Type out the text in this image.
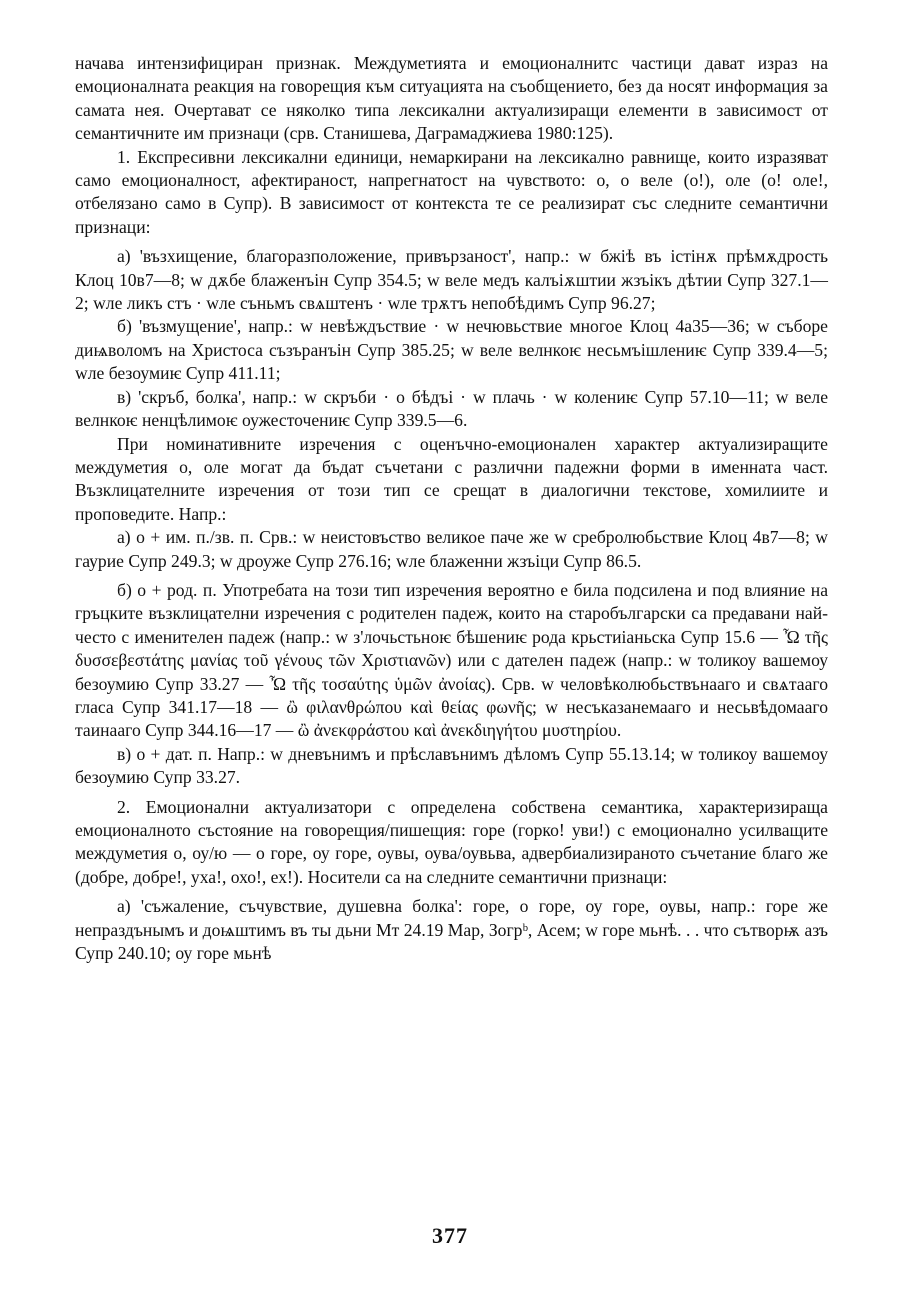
начава интензифициран признак. Междуметията и емоционалнитс частици дават израз на емоционалната реакция на говорещия към ситуацията на съобщението, без да носят информация за самата нея. Очертават се няколко типа лексикални актуализиращи елементи в зависимост от семантичните им признаци (срв. Станишева, Даграмаджиева 1980:125).

1. Експресивни лексикални единици, немаркирани на лексикално равнище, които изразяват само емоционалност, афектираност, напрегнатост на чувството: о, о веле (о!), оле (о! оле!, отбелязано само в Супр). В зависимост от контекста те се реализират със следните семантични признаци:

а) 'възхищение, благоразположение, привързаност', напр.: w бжіѣ въ істінѫ прѣмѫдрость Клоц 10в7—8; w дѫбе блаженъін Супр 354.5; w веле медъ калъіѫштии жзъікъ дѣтии Супр 327.1—2; wле ликъ стъ · wле съньмъ свѧштенъ · wле трѫтъ непобѣдимъ Супр 96.27;

б) 'възмущение', напр.: w невѣждъствие · w нечювьствие многое Клоц 4а35—36; w съборе диѩволомъ на Христоса съзъранъін Супр 385.25; w веле велнкоѥ несьмъішлениѥ Супр 339.4—5; wле безоумиѥ Супр 411.11;

в) 'скръб, болка', напр.: w скръби · о бѣдъі · w плачь · w колениѥ Супр 57.10—11; w веле велнкоѥ ненцѣлимоѥ оужесточениѥ Супр 339.5—6.

При номинативните изречения с оценъчно-емоционален характер актуализиращите междуметия о, оле могат да бъдат съчетани с различни падежни форми в именната част. Възклицателните изречения от този тип се срещат в диалогични текстове, хомилиите и проповедите. Напр.:

а) о + им. п./зв. п. Срв.: w неистовъство великое паче же w сребролюбьствие Клоц 4в7—8; w гаурие Супр 249.3; w дроуже Супр 276.16; wле блаженни жзъіци Супр 86.5.

б) о + род. п. Употребата на този тип изречения вероятно е била подсилена и под влияние на гръцките възклицателни изречения с родителен падеж, които на старобългарски са предавани най-често с именителен падеж (напр.: w з'лочьстьноѥ бѣшениѥ рода крьстиiаньска Супр 15.6 — Ὦ τῆς δυσσεβεστάτης μανίας τοῦ γένους τῶν Χριστιανῶν) или с дателен падеж (напр.: w толикоу вашемоу безоумию Супр 33.27 — Ὦ τῆς τοσαύτης ὑμῶν ἀνοίας). Срв. w человѣколюбьствънааго и свѧтааго гласа Супр 341.17—18 — ὢ φιλανθρώπου καὶ θείας φωνῆς; w несъказанемааго и несьвѣдомааго таинааго Супр 344.16—17 — ὢ ἀνεκφράστου καὶ ἀνεκδιηγήτου μυστηρίου.

в) о + дат. п. Напр.: w дневънимъ и прѣславънимъ дѣломъ Супр 55.13.14; w толикоу вашемоу безоумию Супр 33.27.

2. Емоционални актуализатори с определена собствена семантика, характеризираща емоционалното състояние на говорещия/пишещия: горе (горко! уви!) с емоционално усилващите междуметия о, оу/ю — о горе, оу горе, оувы, оува/оувьва, адвербиализираното съчетание благо же (добре, добре!, уха!, охо!, ех!). Носители са на следните семантични признаци:

а) 'съжаление, съчувствие, душевна болка': горе, о горе, оу горе, оувы, напр.: горе же непраздънымъ и доѩштимъ въ ты дьни Мт 24.19 Мар, Зогрᵇ, Асем; w горе мьнѣ. . . что сътворѭ азъ Супр 240.10; оу горе мьнѣ

377
